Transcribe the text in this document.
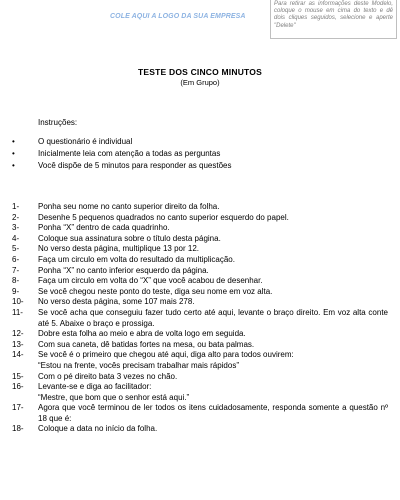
COLE AQUI A LOGO DA SUA EMPRESA
Para retirar as informações deste Modelo, coloque o mouse em cima do texto e dê dois cliques seguidos, selecione e aperte "Delete"
TESTE DOS CINCO MINUTOS
(Em Grupo)
Instruções:
•	O questionário é individual
•	Inicialmente leia com atenção a todas as perguntas
•	Você dispõe de 5 minutos para responder as questões
1-	Ponha seu nome no canto superior direito da folha.
2-	Desenhe 5 pequenos quadrados no canto superior esquerdo do papel.
3-	Ponha “X” dentro de cada quadrinho.
4-	Coloque sua assinatura sobre o título desta página.
5-	No verso desta página, multiplique 13 por 12.
6-	Faça um circulo em volta do resultado da multiplicação.
7-	Ponha “X” no canto inferior esquerdo da página.
8-	Faça um circulo em volta do “X” que você acabou de desenhar.
9-	Se você chegou neste ponto do teste, diga seu nome em voz alta.
10-	No verso desta página, some 107 mais 278.
11-	Se você acha que conseguiu fazer tudo certo até aqui, levante o braço direito. Em voz alta conte até 5. Abaixe o braço e prossiga.
12-	Dobre esta folha ao meio e abra de volta logo em seguida.
13-	Com sua caneta, dê batidas fortes na mesa, ou bata palmas.
14-	Se você é o primeiro que chegou até aqui, diga alto para todos ouvirem:
“Estou na frente, vocês precisam trabalhar mais rápidos”
15-	Com o pé direito bata 3 vezes no chão.
16-	Levante-se e diga ao facilitador:
“Mestre, que bom que o senhor está aqui.”
17-	Agora que você terminou de ler todos os itens cuidadosamente, responda somente a questão nº 18 que é:
18-	Coloque a data no início da folha.
